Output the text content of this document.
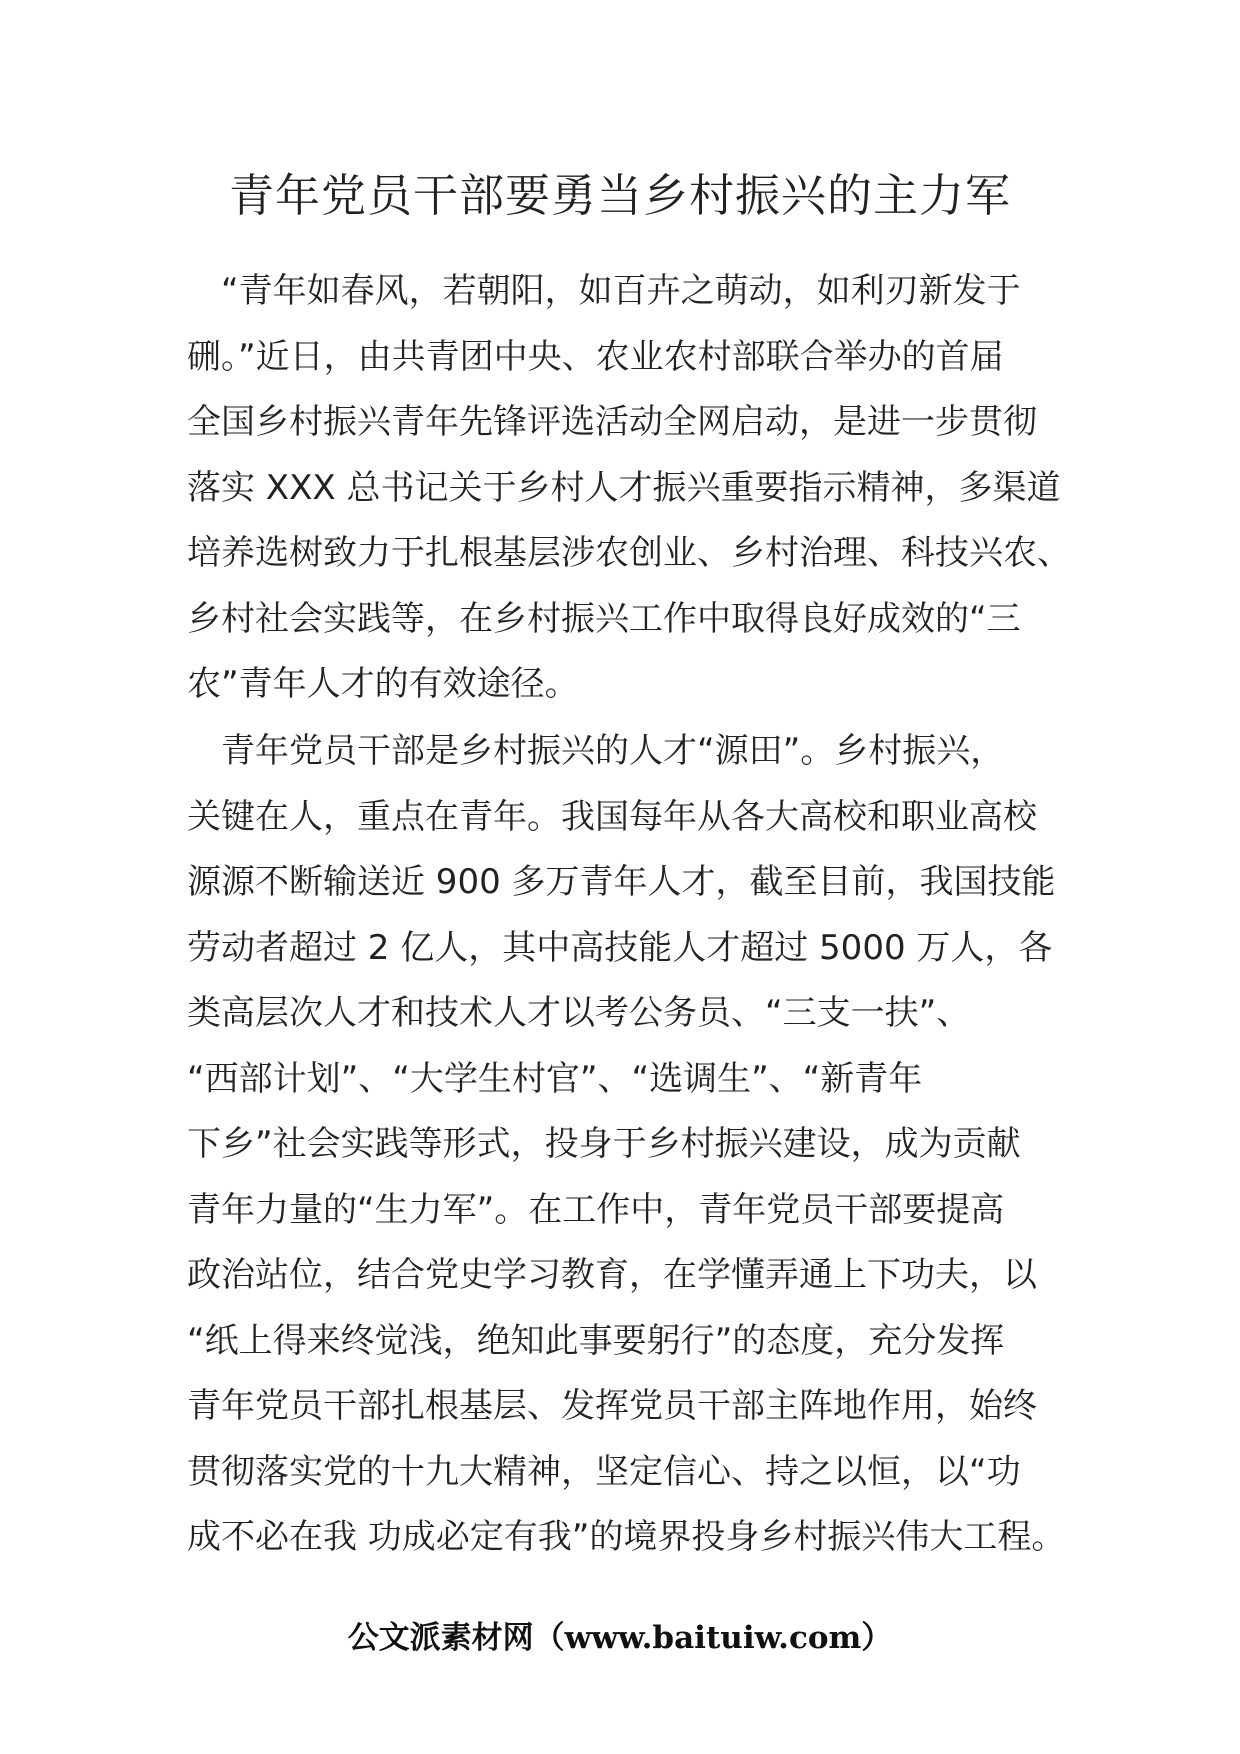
青年党员干部要勇当乡村振兴的主力军

　“青年如春风，若朝阳，如百卉之萌动，如利刃新发于
硎。”近日，由共青团中央、农业农村部联合举办的首届
全国乡村振兴青年先锋评选活动全网启动，是进一步贯彻
落实 XXX 总书记关于乡村人才振兴重要指示精神，多渠道
培养选树致力于扎根基层涉农创业、乡村治理、科技兴农、
乡村社会实践等，在乡村振兴工作中取得良好成效的“三
农”青年人才的有效途径。

　青年党员干部是乡村振兴的人才“源田”。乡村振兴，
关键在人，重点在青年。我国每年从各大高校和职业高校
源源不断输送近 900 多万青年人才，截至目前，我国技能
劳动者超过 2 亿人，其中高技能人才超过 5000 万人，各
类高层次人才和技术人才以考公务员、“三支一扶”、
“西部计划”、“大学生村官”、“选调生”、“新青年
下乡”社会实践等形式，投身于乡村振兴建设，成为贡献
青年力量的“生力军”。在工作中，青年党员干部要提高
政治站位，结合党史学习教育，在学懂弄通上下功夫，以
“纸上得来终觉浅，绝知此事要躬行”的态度，充分发挥
青年党员干部扎根基层、发挥党员干部主阵地作用，始终
贯彻落实党的十九大精神，坚定信心、持之以恒，以“功
成不必在我 功成必定有我”的境界投身乡村振兴伟大工程。

公文派素材网（www.baituiw.com）
